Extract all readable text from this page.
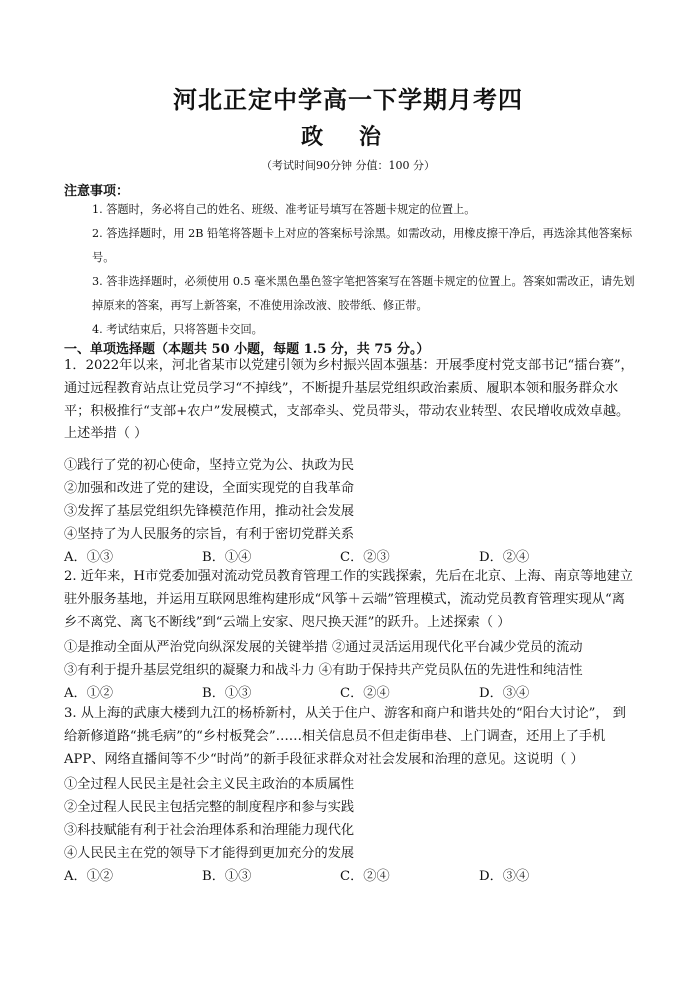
河北正定中学高一下学期月考四
政 治
（考试时间90分钟 分值：100 分）
注意事项：
1. 答题时，务必将自己的姓名、班级、准考证号填写在答题卡规定的位置上。
2. 答选择题时，用 2B 铅笔将答题卡上对应的答案标号涂黑。如需改动，用橡皮擦干净后，再选涂其他答案标号。
3. 答非选择题时，必须使用 0.5 毫米黑色墨色签字笔把答案写在答题卡规定的位置上。答案如需改正，请先划掉原来的答案，再写上新答案，不准使用涂改液、胶带纸、修正带。
4. 考试结束后，只将答题卡交回。
一、单项选择题（本题共 50 小题，每题 1.5 分，共 75 分。）
1．2022年以来，河北省某市以党建引领为乡村振兴固本强基：开展季度村党支部书记“擂台赛”，通过远程教育站点让党员学习“不掉线”，不断提升基层党组织政治素质、履职本领和服务群众水平；积极推行“支部+农户”发展模式，支部牵头、党员带头，带动农业转型、农民增收成效卓越。上述举措（ ）
①践行了党的初心使命，坚持立党为公、执政为民
②加强和改进了党的建设，全面实现党的自我革命
③发挥了基层党组织先锋模范作用，推动社会发展
④坚持了为人民服务的宗旨，有利于密切党群关系
A．①③	B．①④	C．②③	D．②④
2. 近年来，H市党委加强对流动党员教育管理工作的实践探索，先后在北京、上海、南京等地建立驻外服务基地，并运用互联网思维构建形成“风筝＋云端”管理模式，流动党员教育管理实现从“离乡不离党、离飞不断线”到“云端上安家、咫尺换天涯”的跃升。上述探索（ ）
①是推动全面从严治党向纵深发展的关键举措 ②通过灵活运用现代化平台减少党员的流动
③有利于提升基层党组织的凝聚力和战斗力 ④有助于保持共产党员队伍的先进性和纯洁性
A．①②	B．①③	C．②④	D．③④
3. 从上海的武康大楼到九江的杨桥新村，从关于住户、游客和商户和谐共处的“阳台大讨论”， 到给新修道路“挑毛病”的“乡村板凳会”……相关信息员不但走街串巷、上门调查，还用上了手机APP、网络直播间等不少“时尚”的新手段征求群众对社会发展和治理的意见。这说明（ ）
①全过程人民民主是社会主义民主政治的本质属性
②全过程人民民主包括完整的制度程序和参与实践
③科技赋能有利于社会治理体系和治理能力现代化
④人民民主在党的领导下才能得到更加充分的发展
A．①②	B．①③	C．②④	D．③④
